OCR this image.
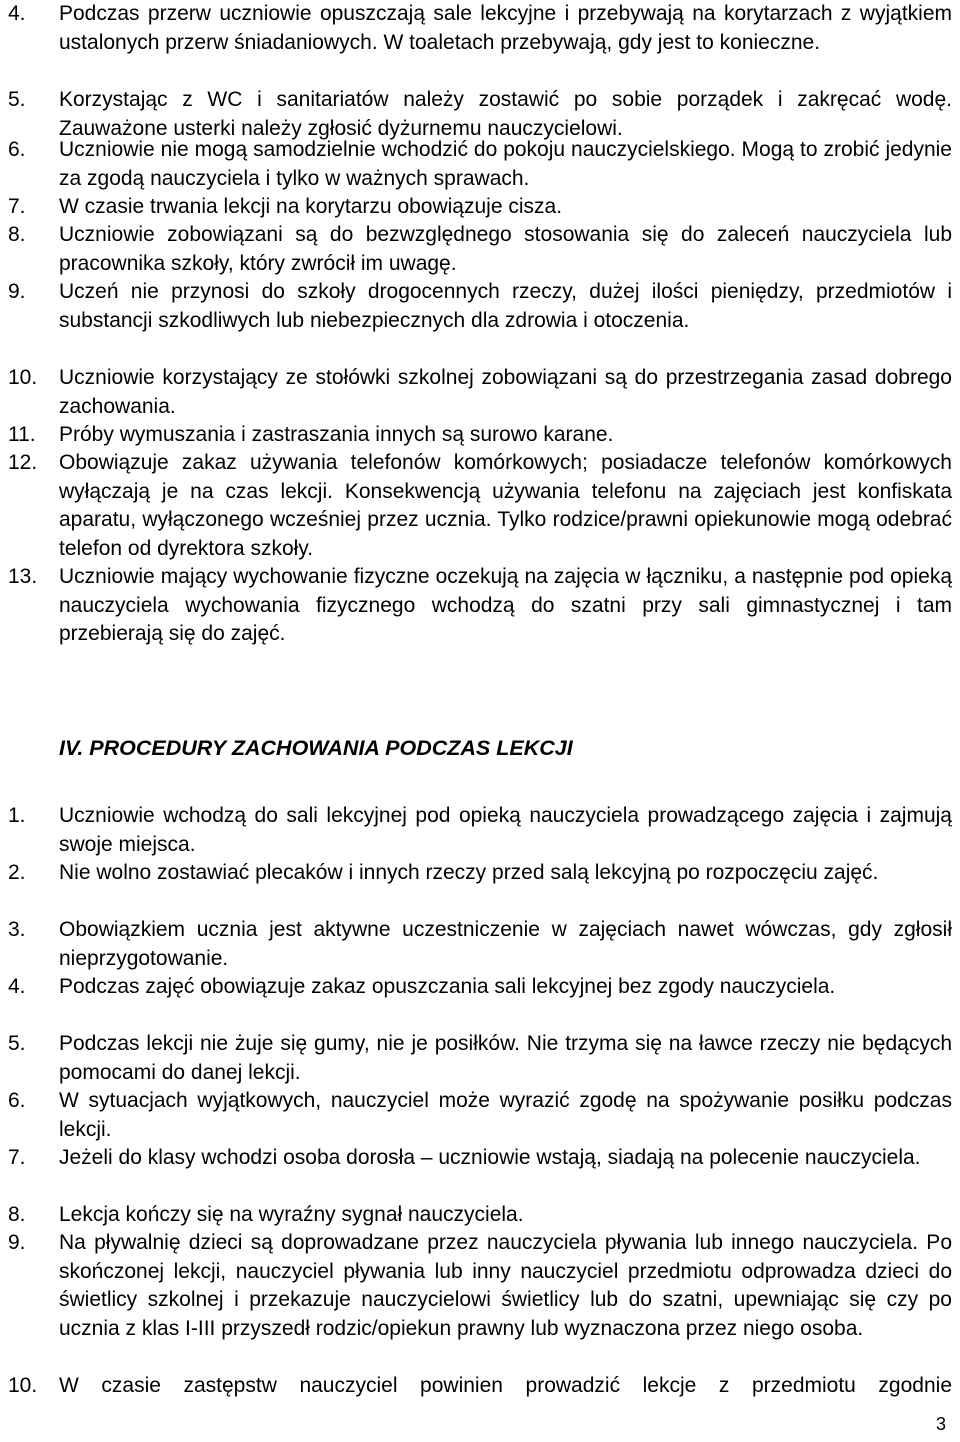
4. Podczas przerw uczniowie opuszczają sale lekcyjne i przebywają na korytarzach z wyjątkiem ustalonych przerw śniadaniowych. W toaletach przebywają, gdy jest to konieczne.
5. Korzystając z WC i sanitariatów należy zostawić po sobie porządek i zakręcać wodę. Zauważone usterki należy zgłosić dyżurnemu nauczycielowi.
6. Uczniowie nie mogą samodzielnie wchodzić do pokoju nauczycielskiego. Mogą to zrobić jedynie za zgodą nauczyciela i tylko w ważnych sprawach.
7. W czasie trwania lekcji na korytarzu obowiązuje cisza.
8. Uczniowie zobowiązani są do bezwzględnego stosowania się do zaleceń nauczyciela lub pracownika szkoły, który zwrócił im uwagę.
9. Uczeń nie przynosi do szkoły drogocennych rzeczy, dużej ilości pieniędzy, przedmiotów i substancji szkodliwych lub niebezpiecznych dla zdrowia i otoczenia.
10. Uczniowie korzystający ze stołówki szkolnej zobowiązani są do przestrzegania zasad dobrego zachowania.
11. Próby wymuszania i zastraszania innych są surowo karane.
12. Obowiązuje zakaz używania telefonów komórkowych; posiadacze telefonów komórkowych wyłączają je na czas lekcji. Konsekwencją używania telefonu na zajęciach jest konfiskata aparatu, wyłączonego wcześniej przez ucznia. Tylko rodzice/prawni opiekunowie mogą odebrać telefon od dyrektora szkoły.
13. Uczniowie mający wychowanie fizyczne oczekują na zajęcia w łączniku, a następnie pod opieką nauczyciela wychowania fizycznego wchodzą do szatni przy sali gimnastycznej i tam przebierają się do zajęć.
IV. PROCEDURY ZACHOWANIA PODCZAS LEKCJI
1. Uczniowie wchodzą do sali lekcyjnej pod opieką nauczyciela prowadzącego zajęcia i zajmują swoje miejsca.
2. Nie wolno zostawiać plecaków i innych rzeczy przed salą lekcyjną po rozpoczęciu zajęć.
3. Obowiązkiem ucznia jest aktywne uczestniczenie w zajęciach nawet wówczas, gdy zgłosił nieprzygotowanie.
4. Podczas zajęć obowiązuje zakaz opuszczania sali lekcyjnej bez zgody nauczyciela.
5. Podczas lekcji nie żuje się gumy, nie je posiłków. Nie trzyma się na ławce rzeczy nie będących pomocami do danej lekcji.
6. W sytuacjach wyjątkowych, nauczyciel może wyrazić zgodę na spożywanie posiłku podczas lekcji.
7. Jeżeli do klasy wchodzi osoba dorosła – uczniowie wstają, siadają na polecenie nauczyciela.
8. Lekcja kończy się na wyraźny sygnał nauczyciela.
9. Na pływalnię dzieci są doprowadzane przez nauczyciela pływania lub innego nauczyciela. Po skończonej lekcji, nauczyciel pływania lub inny nauczyciel przedmiotu odprowadza dzieci do świetlicy szkolnej i przekazuje nauczycielowi świetlicy lub do szatni, upewniając się czy po ucznia z klas I-III przyszedł rodzic/opiekun prawny lub wyznaczona przez niego osoba.
10. W czasie zastępstw nauczyciel powinien prowadzić lekcje z przedmiotu zgodnie
3
